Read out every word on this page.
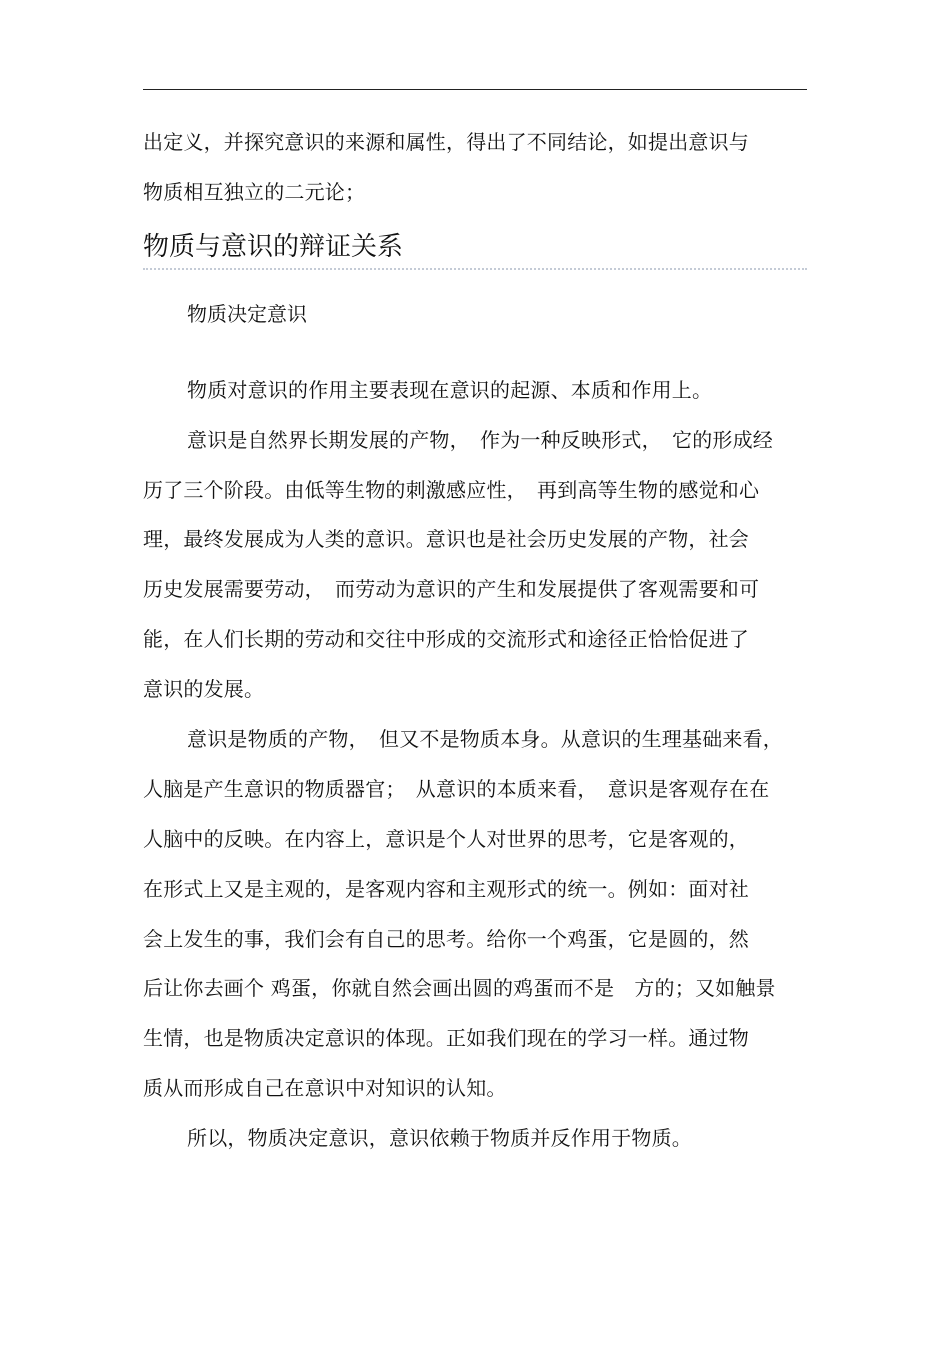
出定义，并探究意识的来源和属性，得出了不同结论，如提出意识与
物质相互独立的二元论；
物质与意识的辩证关系
物质决定意识
物质对意识的作用主要表现在意识的起源、本质和作用上。
意识是自然界长期发展的产物，　作为一种反映形式，　它的形成经
历了三个阶段。由低等生物的刺激感应性，　再到高等生物的感觉和心
理，最终发展成为人类的意识。意识也是社会历史发展的产物，社会
历史发展需要劳动，　而劳动为意识的产生和发展提供了客观需要和可
能，在人们长期的劳动和交往中形成的交流形式和途径正恰恰促进了
意识的发展。
意识是物质的产物，　但又不是物质本身。从意识的生理基础来看，
人脑是产生意识的物质器官；　从意识的本质来看，　意识是客观存在在
人脑中的反映。在内容上，意识是个人对世界的思考，它是客观的，
在形式上又是主观的，是客观内容和主观形式的统一。例如：面对社
会上发生的事，我们会有自己的思考。给你一个鸡蛋，它是圆的，然
后让你去画个 鸡蛋，你就自然会画出圆的鸡蛋而不是　方的；又如触景
生情，也是物质决定意识的体现。正如我们现在的学习一样。通过物
质从而形成自己在意识中对知识的认知。
所以，物质决定意识，意识依赖于物质并反作用于物质。
